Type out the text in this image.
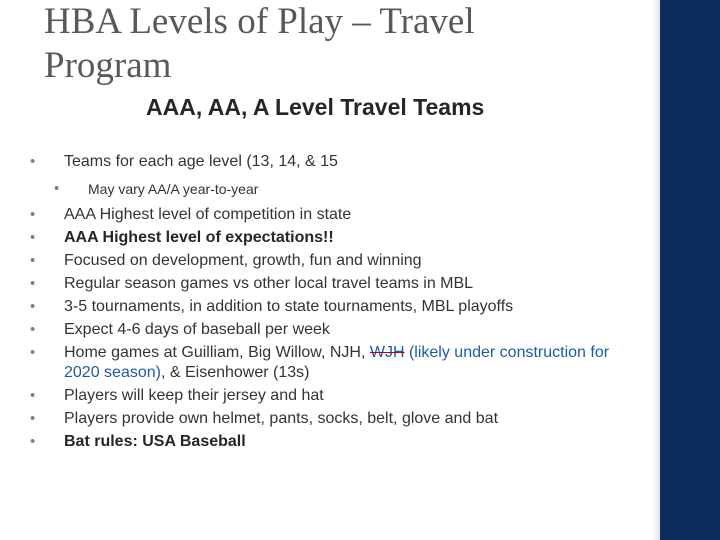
HBA Levels of Play – Travel Program
AAA, AA, A Level Travel Teams
• Teams for each age level (13, 14, & 15
• May vary AA/A year-to-year
• AAA Highest level of competition in state
• AAA Highest level of expectations!!
• Focused on development, growth, fun and winning
• Regular season games vs other local travel teams in MBL
• 3-5 tournaments, in addition to state tournaments, MBL playoffs
• Expect 4-6 days of baseball per week
• Home games at Guilliam, Big Willow, NJH, WJH (likely under construction for 2020 season), & Eisenhower (13s)
• Players will keep their jersey and hat
• Players provide own helmet, pants, socks, belt, glove and bat
• Bat rules: USA Baseball
